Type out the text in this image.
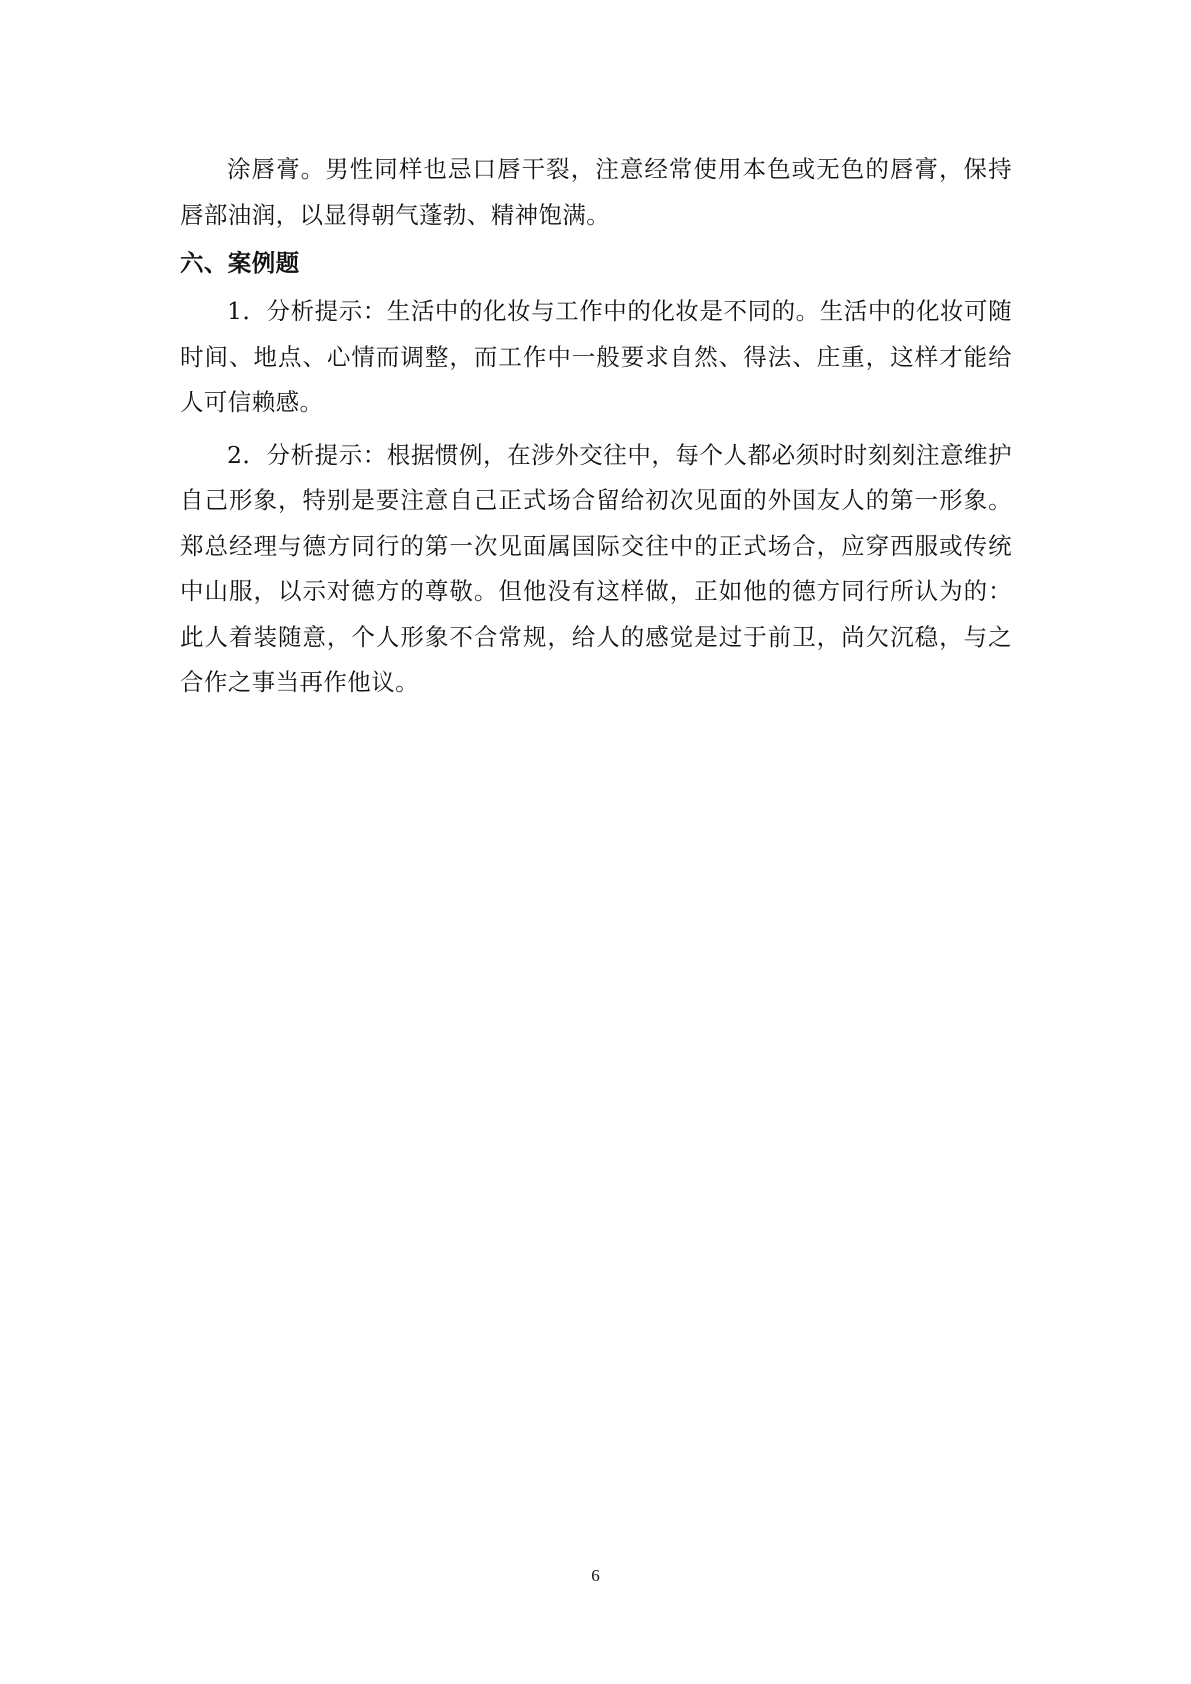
涂唇膏。男性同样也忌口唇干裂，注意经常使用本色或无色的唇膏，保持唇部油润，以显得朝气蓬勃、精神饱满。

六、案例题

1．分析提示：生活中的化妆与工作中的化妆是不同的。生活中的化妆可随时间、地点、心情而调整，而工作中一般要求自然、得法、庄重，这样才能给人可信赖感。

2．分析提示：根据惯例，在涉外交往中，每个人都必须时时刻刻注意维护自己形象，特别是要注意自己正式场合留给初次见面的外国友人的第一形象。郑总经理与德方同行的第一次见面属国际交往中的正式场合，应穿西服或传统中山服，以示对德方的尊敬。但他没有这样做，正如他的德方同行所认为的：此人着装随意，个人形象不合常规，给人的感觉是过于前卫，尚欠沉稳，与之合作之事当再作他议。

6
